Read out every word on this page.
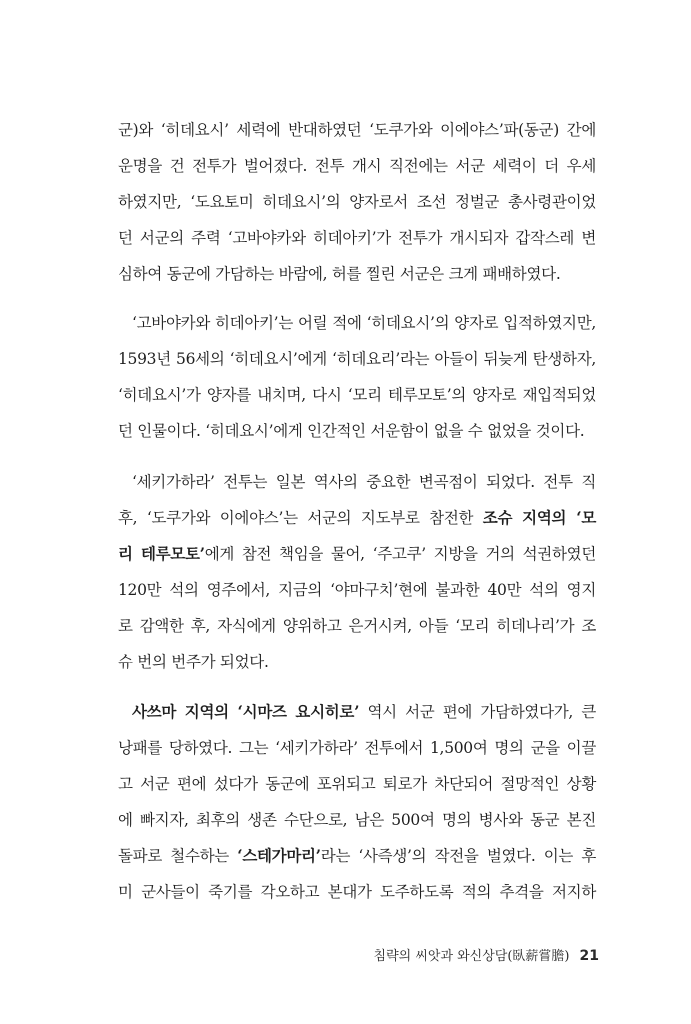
군)와 ‘히데요시’ 세력에 반대하였던 ‘도쿠가와 이에야스’파(동군) 간에
운명을 건 전투가 벌어졌다. 전투 개시 직전에는 서군 세력이 더 우세
하였지만, ‘도요토미 히데요시’의 양자로서 조선 정벌군 총사령관이었
던 서군의 주력 ‘고바야카와 히데아키’가 전투가 개시되자 갑작스레 변
심하여 동군에 가담하는 바람에, 허를 찔린 서군은 크게 패배하였다.
‘고바야카와 히데아키’는 어릴 적에 ‘히데요시’의 양자로 입적하였지만,
1593년 56세의 ‘히데요시’에게 ‘히데요리’라는 아들이 뒤늦게 탄생하자,
‘히데요시’가 양자를 내치며, 다시 ‘모리 테루모토’의 양자로 재입적되었
던 인물이다. ‘히데요시’에게 인간적인 서운함이 없을 수 없었을 것이다.
‘세키가하라’ 전투는 일본 역사의 중요한 변곡점이 되었다. 전투 직
후, ‘도쿠가와 이에야스’는 서군의 지도부로 참전한 조슈 지역의 ‘모
리 테루모토’에게 참전 책임을 물어, ‘주고쿠’ 지방을 거의 석권하였던
120만 석의 영주에서, 지금의 ‘야마구치’현에 불과한 40만 석의 영지
로 감액한 후, 자식에게 양위하고 은거시켜, 아들 ‘모리 히데나리’가 조
슈 번의 번주가 되었다.
사쓰마 지역의 ‘시마즈 요시히로’ 역시 서군 편에 가담하였다가, 큰
낭패를 당하였다. 그는 ‘세키가하라’ 전투에서 1,500여 명의 군을 이끌
고 서군 편에 섰다가 동군에 포위되고 퇴로가 차단되어 절망적인 상황
에 빠지자, 최후의 생존 수단으로, 남은 500여 명의 병사와 동군 본진
돌파로 철수하는 ‘스테가마리’라는 ‘사즉생’의 작전을 벌였다. 이는 후
미 군사들이 죽기를 각오하고 본대가 도주하도록 적의 추격을 저지하
침략의 씨앗과 와신상담(臥薪嘗膽) 21
